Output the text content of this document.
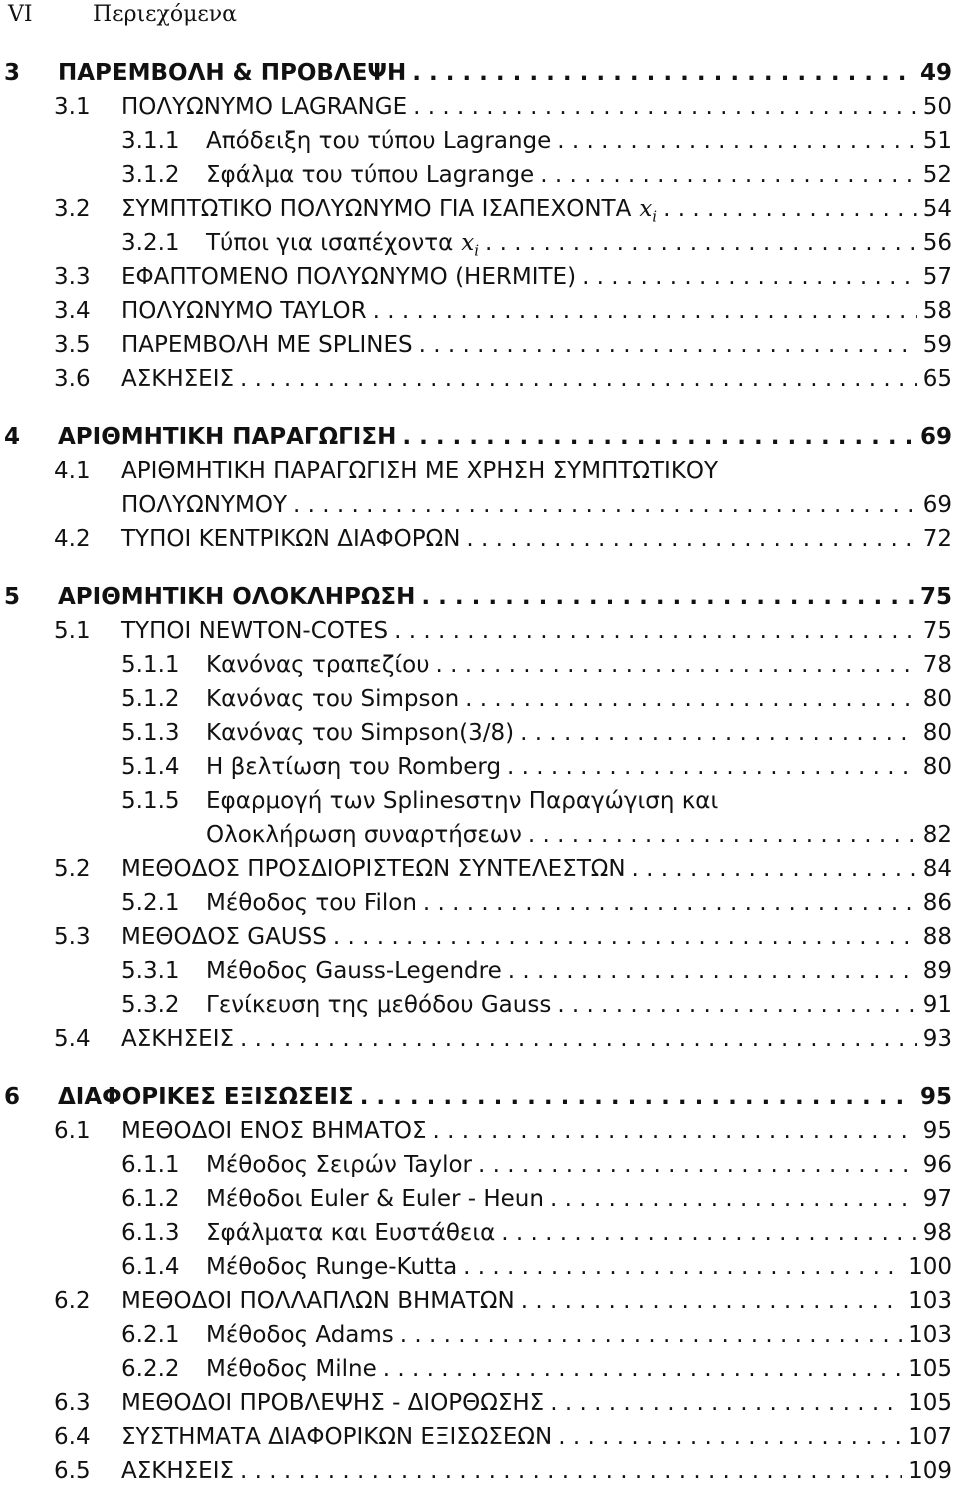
VI	Περιεχόμενα
3 ΠΑΡΕΜΒΟΛΗ & ΠΡΟΒΛΕΨΗ . . .	49
3.1 ΠΟΛΥΩΝΥΜΟ LAGRANGE . . .	50
3.1.1 Απόδειξη του τύπου Lagrange . . .	51
3.1.2 Σφάλμα του τύπου Lagrange . . .	52
3.2 ΣΥΜΠΤΩΤΙΚΟ ΠΟΛΥΩΝΥΜΟ ΓΙΑ ΙΣΑΠΕΧΟΝΤΑ $x_i$ . . .	54
3.2.1 Τύποι για ισαπέχοντα $x_i$ . . .	56
3.3 ΕΦΑΠΤΟΜΕΝΟ ΠΟΛΥΩΝΥΜΟ (HERMITE) . . .	57
3.4 ΠΟΛΥΩΝΥΜΟ TAYLOR . . .	58
3.5 ΠΑΡΕΜΒΟΛΗ ΜΕ SPLINES . . .	59
3.6 ΑΣΚΗΣΕΙΣ . . .	65
4 ΑΡΙΘΜΗΤΙΚΗ ΠΑΡΑΓΩΓΙΣΗ . . .	69
4.1 ΑΡΙΘΜΗΤΙΚΗ ΠΑΡΑΓΩΓΙΣΗ ΜΕ ΧΡΗΣΗ ΣΥΜΠΤΩΤΙΚΟΥ
ΠΟΛΥΩΝΥΜΟΥ . . .	69
4.2 ΤΥΠΟΙ ΚΕΝΤΡΙΚΩΝ ΔΙΑΦΟΡΩΝ . . .	72
5 ΑΡΙΘΜΗΤΙΚΗ ΟΛΟΚΛΗΡΩΣΗ . . .	75
5.1 ΤΥΠΟΙ NEWTON-COTES . . .	75
5.1.1 Κανόνας τραπεζίου . . .	78
5.1.2 Κανόνας του Simpson . . .	80
5.1.3 Κανόνας του Simpson(3/8) . . .	80
5.1.4 Η βελτίωση του Romberg . . .	80
5.1.5 Εφαρμογή των Splinesστην Παραγώγιση και
Ολοκλήρωση συναρτήσεων . . .	82
5.2 ΜΕΘΟΔΟΣ ΠΡΟΣΔΙΟΡΙΣΤΕΩΝ ΣΥΝΤΕΛΕΣΤΩΝ . . .	84
5.2.1 Μέθοδος του Filon . . .	86
5.3 ΜΕΘΟΔΟΣ GAUSS . . .	88
5.3.1 Μέθοδος Gauss-Legendre . . .	89
5.3.2 Γενίκευση της μεθόδου Gauss . . .	91
5.4 ΑΣΚΗΣΕΙΣ . . .	93
6 ΔΙΑΦΟΡΙΚΕΣ ΕΞΙΣΩΣΕΙΣ . . .	95
6.1 ΜΕΘΟΔΟΙ ΕΝΟΣ ΒΗΜΑΤΟΣ . . .	95
6.1.1 Μέθοδος Σειρών Taylor . . .	96
6.1.2 Μέθοδοι Euler & Euler - Heun . . .	97
6.1.3 Σφάλματα και Ευστάθεια . . .	98
6.1.4 Μέθοδος Runge-Kutta . . .	100
6.2 ΜΕΘΟΔΟΙ ΠΟΛΛΑΠΛΩΝ ΒΗΜΑΤΩΝ . . .	103
6.2.1 Μέθοδος Adams . . .	103
6.2.2 Μέθοδος Milne . . .	105
6.3 ΜΕΘΟΔΟΙ ΠΡΟΒΛΕΨΗΣ - ΔΙΟΡΘΩΣΗΣ . . .	105
6.4 ΣΥΣΤΗΜΑΤΑ ΔΙΑΦΟΡΙΚΩΝ ΕΞΙΣΩΣΕΩΝ . . .	107
6.5 ΑΣΚΗΣΕΙΣ . . .	109
